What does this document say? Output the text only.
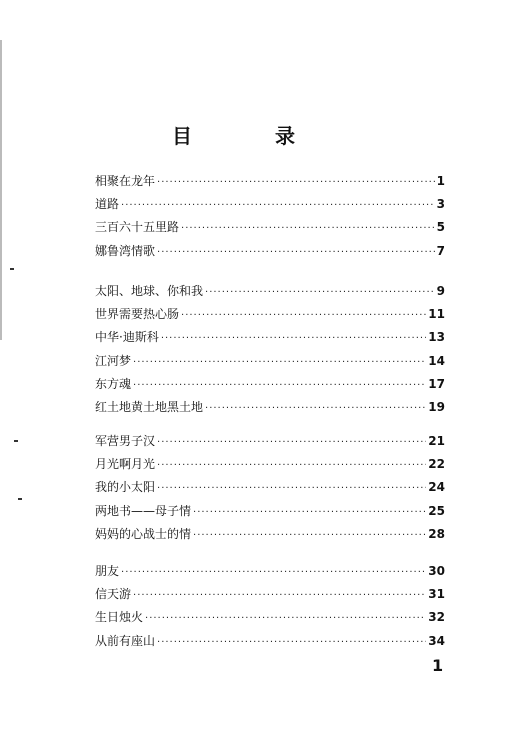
目 录
相聚在龙年 ·····	1
道路 ·····	3
三百六十五里路 ·····	5
娜鲁湾情歌 ·····	7
太阳、地球、你和我 ·····	9
世界需要热心肠 ·····	11
中华·迪斯科 ·····	13
江河梦 ·····	14
东方魂 ·····	17
红土地黄土地黑土地 ·····	19
军营男子汉 ·····	21
月光啊月光 ·····	22
我的小太阳 ·····	24
两地书——母子情 ·····	25
妈妈的心战士的情 ·····	28
朋友 ·····	30
信天游 ·····	31
生日烛火 ·····	32
从前有座山 ·····	34
1
